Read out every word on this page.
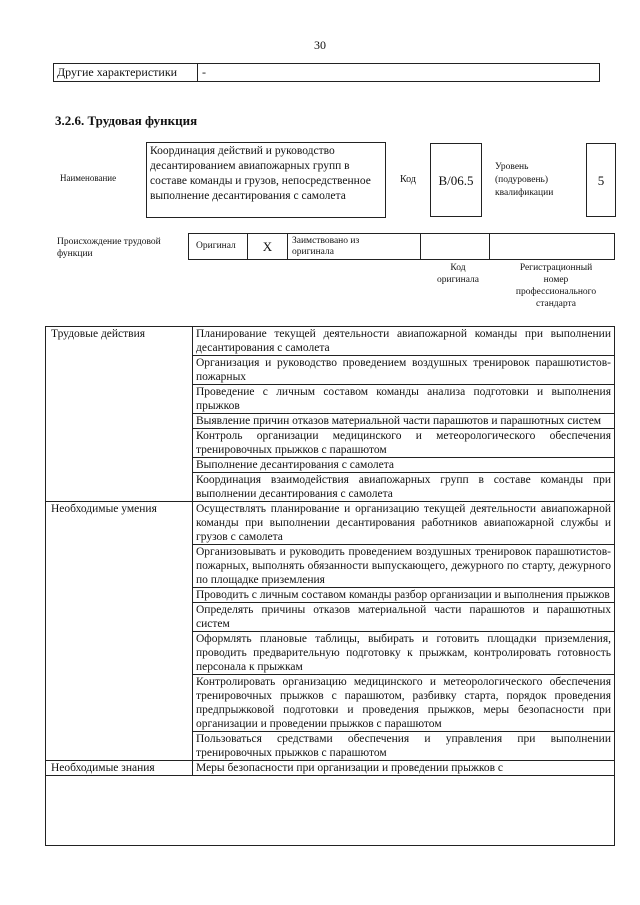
30
Другие характеристики	-
3.2.6. Трудовая функция
Наименование
Координация действий и руководство десантированием авиапожарных групп в составе команды и грузов, непосредственное выполнение десантирования с самолета
Код	В/06.5
Уровень
(подуровень)
квалификации
5
Происхождение трудовой
функции
Оригинал	X	Заимствовано из
оригинала
Код
оригинала
Регистрационный
номер
профессионального
стандарта
Трудовые действия	Планирование текущей деятельности авиапожарной команды при выполнении десантирования с самолета
	Организация и руководство проведением воздушных тренировок парашютистов-пожарных
	Проведение с личным составом команды анализа подготовки и выполнения прыжков
	Выявление причин отказов материальной части парашютов и парашютных систем
	Контроль организации медицинского и метеорологического обеспечения тренировочных прыжков с парашютом
	Выполнение десантирования с самолета
	Координация взаимодействия авиапожарных групп в составе команды при выполнении десантирования с самолета
Необходимые умения	Осуществлять планирование и организацию текущей деятельности авиапожарной команды при выполнении десантирования работников авиапожарной службы и грузов с самолета
	Организовывать и руководить проведением воздушных тренировок парашютистов-пожарных, выполнять обязанности выпускающего, дежурного по старту, дежурного по площадке приземления
	Проводить с личным составом команды разбор организации и выполнения прыжков
	Определять причины отказов материальной части парашютов и парашютных систем
	Оформлять плановые таблицы, выбирать и готовить площадки приземления, проводить предварительную подготовку к прыжкам, контролировать готовность персонала к прыжкам
	Контролировать организацию медицинского и метеорологического обеспечения тренировочных прыжков с парашютом, разбивку старта, порядок проведения предпрыжковой подготовки и проведения прыжков, меры безопасности при организации и проведении прыжков с парашютом
	Пользоваться средствами обеспечения и управления при выполнении тренировочных прыжков с парашютом
Необходимые знания	Меры безопасности при организации и проведении прыжков с
